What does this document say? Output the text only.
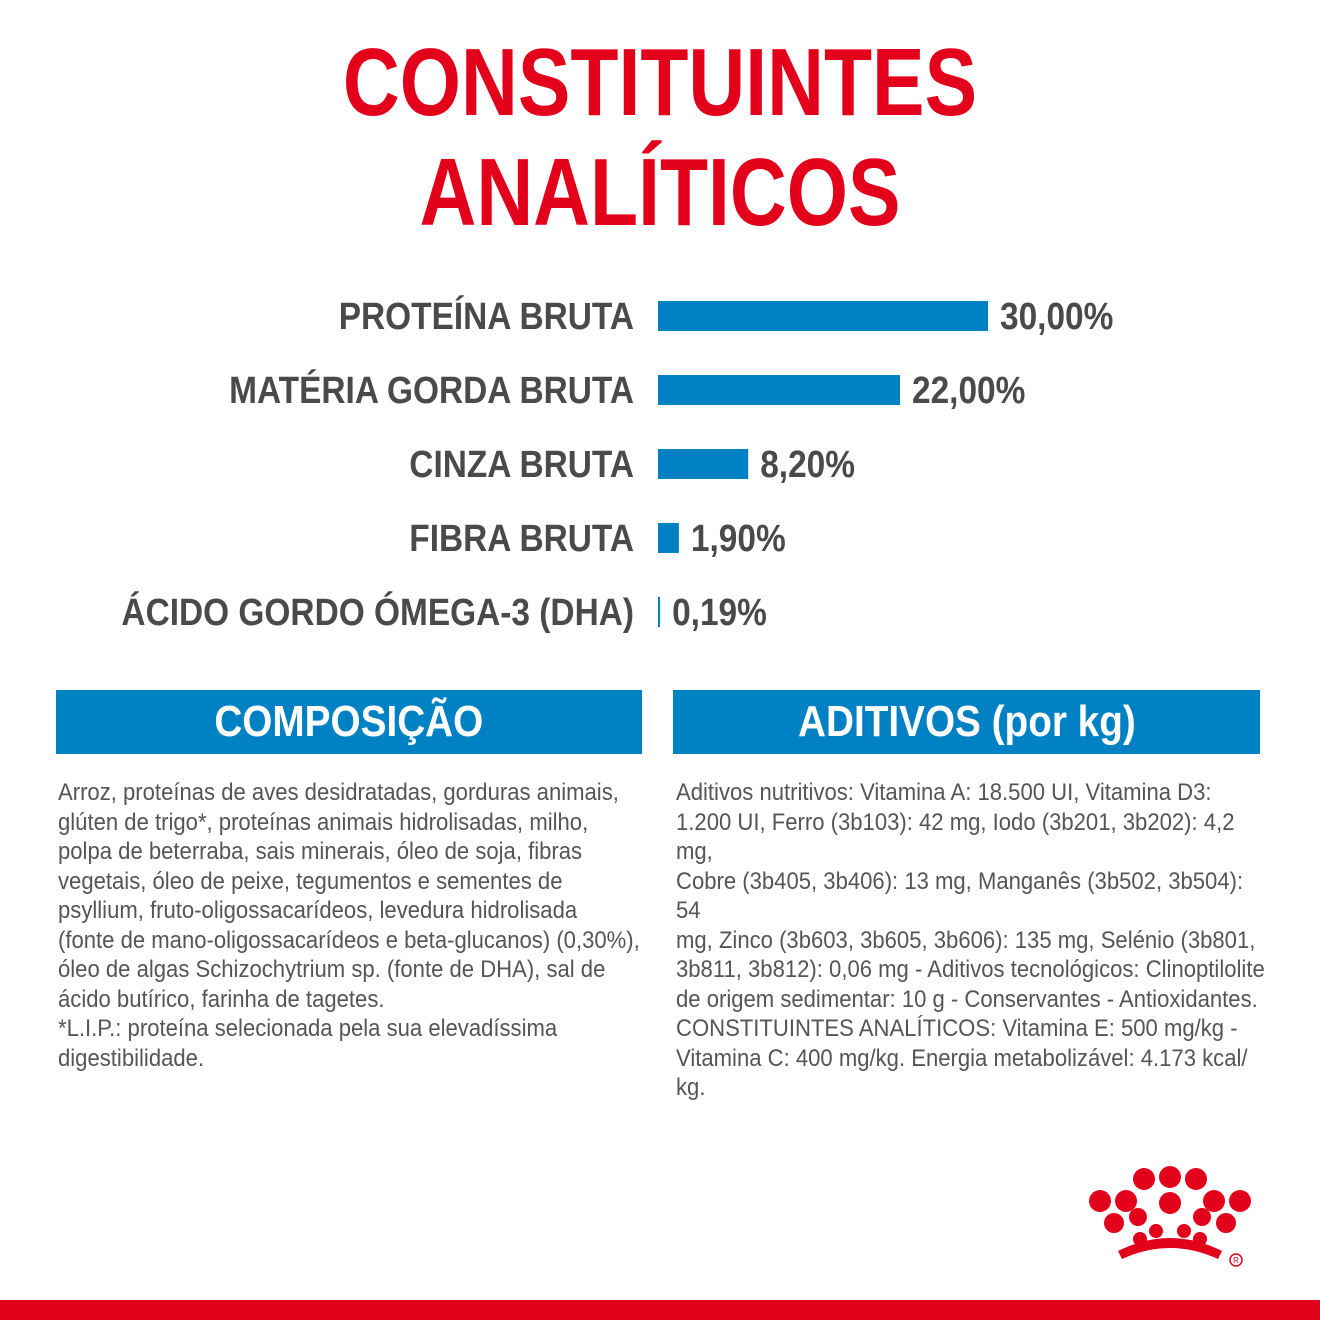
CONSTITUINTES ANALÍTICOS
PROTEÍNA BRUTA	30,00%
MATÉRIA GORDA BRUTA	22,00%
CINZA BRUTA	8,20%
FIBRA BRUTA 1,90%
ÁCIDO GORDO ÓMEGA-3 (DHA) 0,19%
COMPOSIÇÃO	ADITIVOS (por kg)
Arroz, proteínas de aves desidratadas, gorduras animais,
glúten de trigo*, proteínas animais hidrolisadas, milho,
polpa de beterraba, sais minerais, óleo de soja, fibras
vegetais, óleo de peixe, tegumentos e sementes de
psyllium, fruto-oligossacarídeos, levedura hidrolisada
(fonte de mano-oligossacarídeos e beta-glucanos) (0,30%),
óleo de algas Schizochytrium sp. (fonte de DHA), sal de
ácido butírico, farinha de tagetes.
*L.I.P.: proteína selecionada pela sua elevadíssima
digestibilidade.
Aditivos nutritivos: Vitamina A: 18.500 UI, Vitamina D3:
1.200 UI, Ferro (3b103): 42 mg, Iodo (3b201, 3b202): 4,2 mg,
Cobre (3b405, 3b406): 13 mg, Manganês (3b502, 3b504): 54
mg, Zinco (3b603, 3b605, 3b606): 135 mg, Selénio (3b801,
3b811, 3b812): 0,06 mg - Aditivos tecnológicos: Clinoptilolite
de origem sedimentar: 10 g - Conservantes - Antioxidantes.
CONSTITUINTES ANALÍTICOS: Vitamina E: 500 mg/kg -
Vitamina C: 400 mg/kg. Energia metabolizável: 4.173 kcal/
kg.
R
